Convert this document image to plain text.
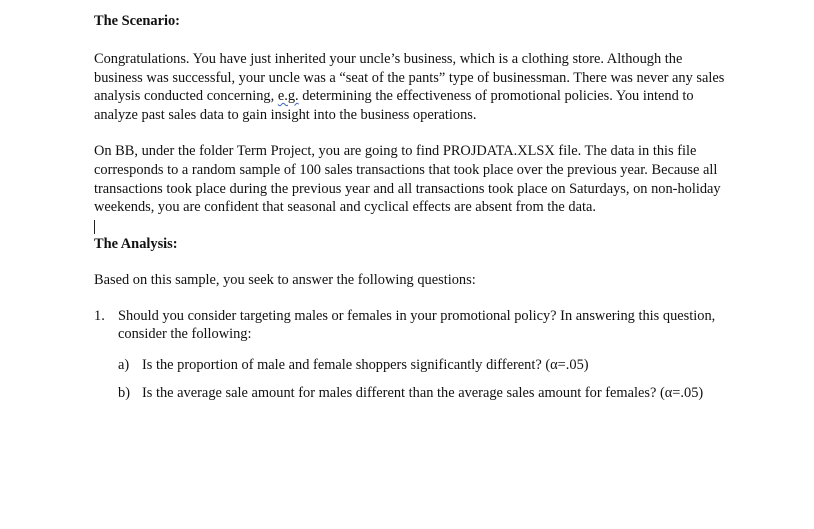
The Scenario:

Congratulations. You have just inherited your uncle’s business, which is a clothing store. Although the business was successful, your uncle was a “seat of the pants” type of businessman. There was never any sales analysis conducted concerning, e.g. determining the effectiveness of promotional policies. You intend to analyze past sales data to gain insight into the business operations.

On BB, under the folder Term Project, you are going to find PROJDATA.XLSX file. The data in this file corresponds to a random sample of 100 sales transactions that took place over the previous year. Because all transactions took place during the previous year and all transactions took place on Saturdays, on non-holiday weekends, you are confident that seasonal and cyclical effects are absent from the data.

The Analysis:

Based on this sample, you seek to answer the following questions:

1. Should you consider targeting males or females in your promotional policy? In answering this question, consider the following:
a) Is the proportion of male and female shoppers significantly different? (α=.05)
b) Is the average sale amount for males different than the average sales amount for females? (α=.05)
